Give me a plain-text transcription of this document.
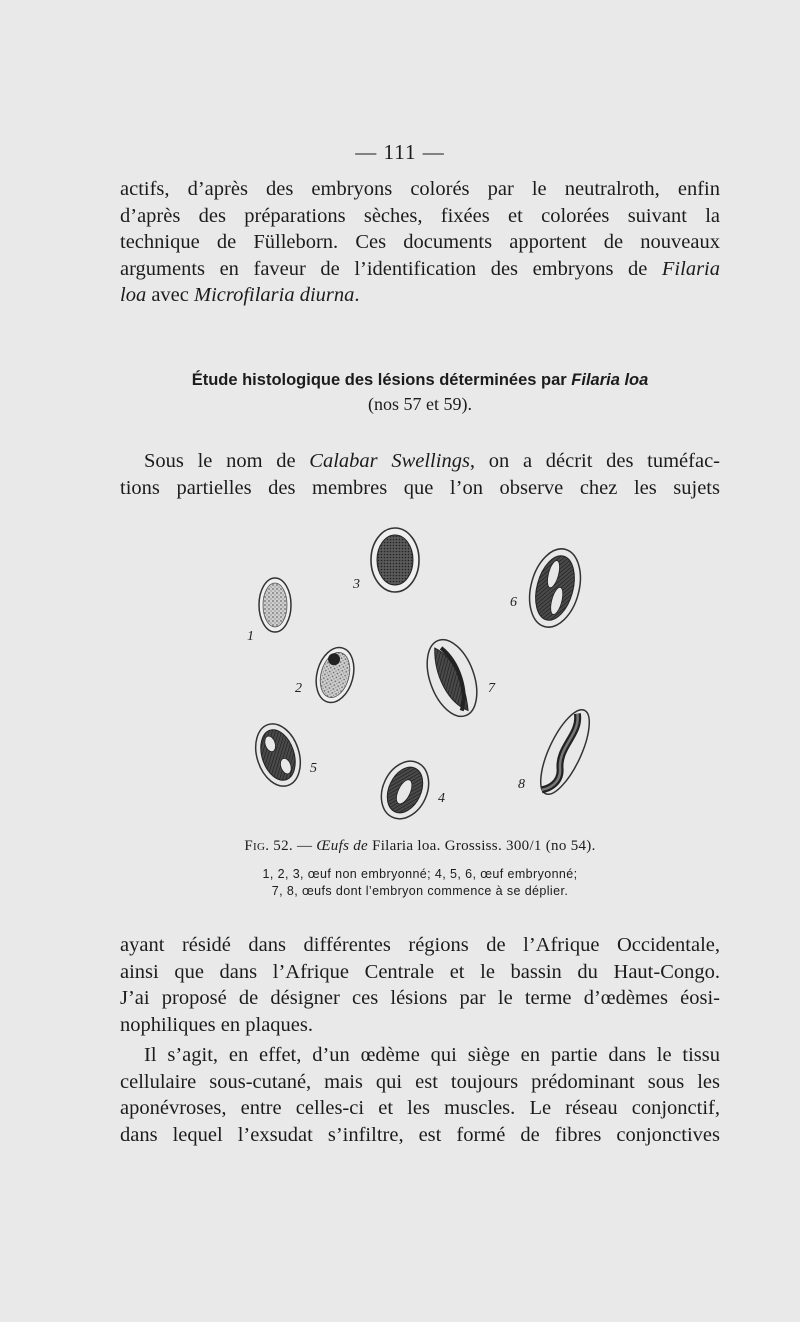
— 111 —
actifs, d’après des embryons colorés par le neutralroth, enfin
d’après des préparations sèches, fixées et colorées suivant la
technique de Fülleborn. Ces documents apportent de nouveaux
arguments en faveur de l’identification des embryons de Filaria
loa avec Microfilaria diurna.
Étude histologique des lésions déterminées par Filaria loa
(nos 57 et 59).
Sous le nom de Calabar Swellings, on a décrit des tuméfac-
tions partielles des membres que l’on observe chez les sujets
1
2
3
4
5
6
7
8
Fig. 52. — Œufs de Filaria loa. Grossiss. 300/1 (no 54).
1, 2, 3, œuf non embryonné; 4, 5, 6, œuf embryonné;
7, 8, œufs dont l’embryon commence à se déplier.
ayant résidé dans différentes régions de l’Afrique Occidentale,
ainsi que dans l’Afrique Centrale et le bassin du Haut-Congo.
J’ai proposé de désigner ces lésions par le terme d’œdèmes éosi-
nophiliques en plaques.
Il s’agit, en effet, d’un œdème qui siège en partie dans le tissu
cellulaire sous-cutané, mais qui est toujours prédominant sous les
aponévroses, entre celles-ci et les muscles. Le réseau conjonctif,
dans lequel l’exsudat s’infiltre, est formé de fibres conjonctives
